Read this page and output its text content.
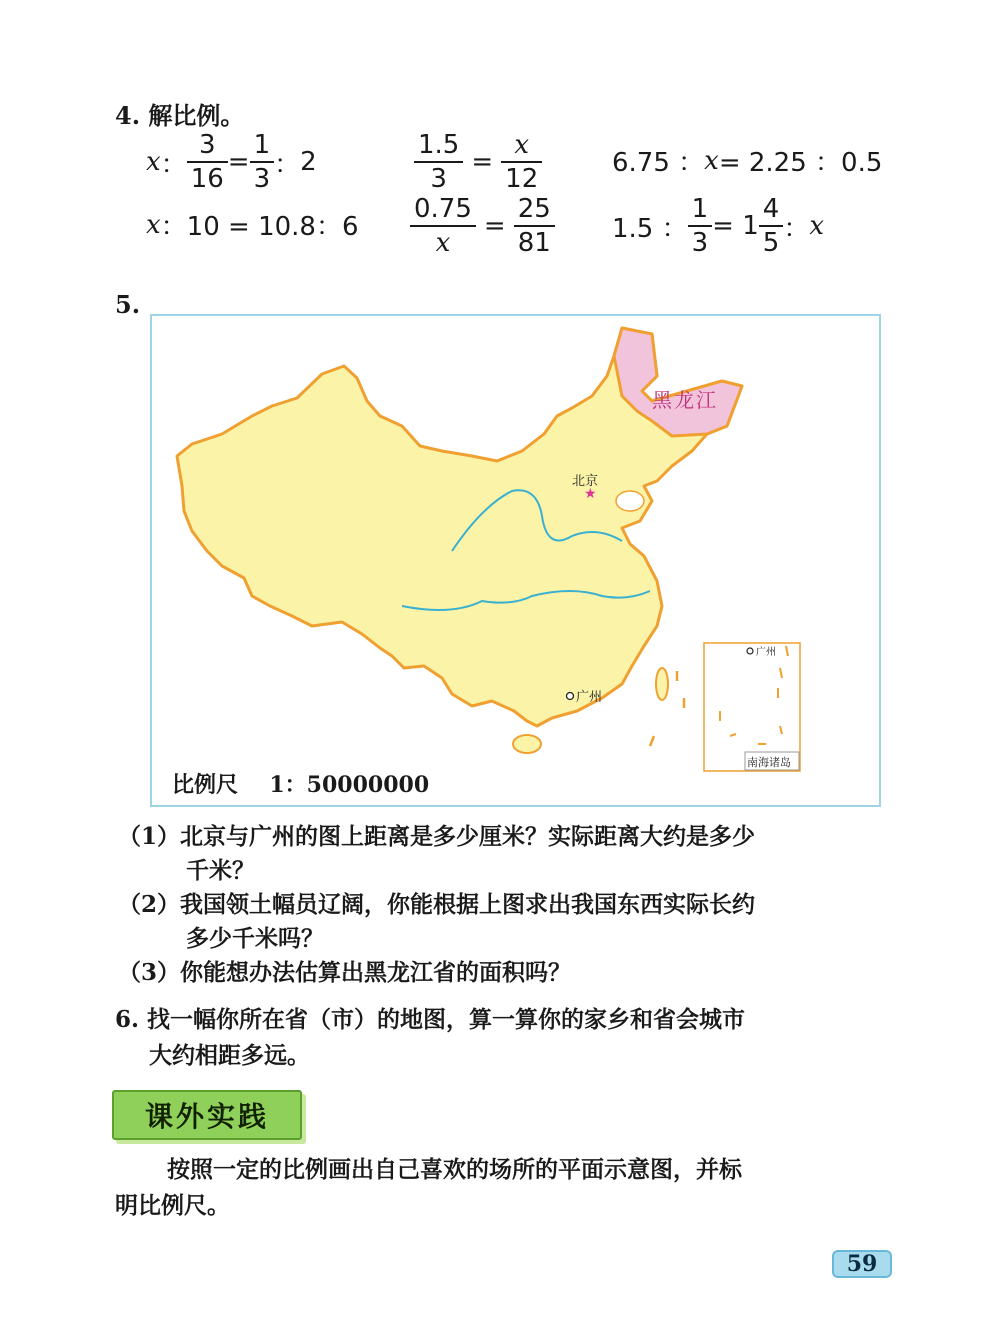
4. 解比例。
x ： $\frac{3}{16} = \frac{1}{3}$ ： 2	$\frac{1.5}{3} = \frac{x}{12}$	6.75 ： x = 2.25 ：0.5
x ：10 = 10.8：$6 \frac{0.75}{x} = \frac{25}{81} 1.5$ ： $\frac{1}{3} = 1 \frac{4}{5}$ ： x
5.
★
黑龙江
北京
广州
广州
南海诸岛
比例尺 1：50000000
（1）北京与广州的图上距离是多少厘米？实际距离大约是多少
千米？
（2）我国领土幅员辽阔，你能根据上图求出我国东西实际长约
多少千米吗？
（3）你能想办法估算出黑龙江省的面积吗？
6. 找一幅你所在省（市）的地图，算一算你的家乡和省会城市
大约相距多远。
课外实践
按照一定的比例画出自己喜欢的场所的平面示意图，并标
明比例尺。
59
